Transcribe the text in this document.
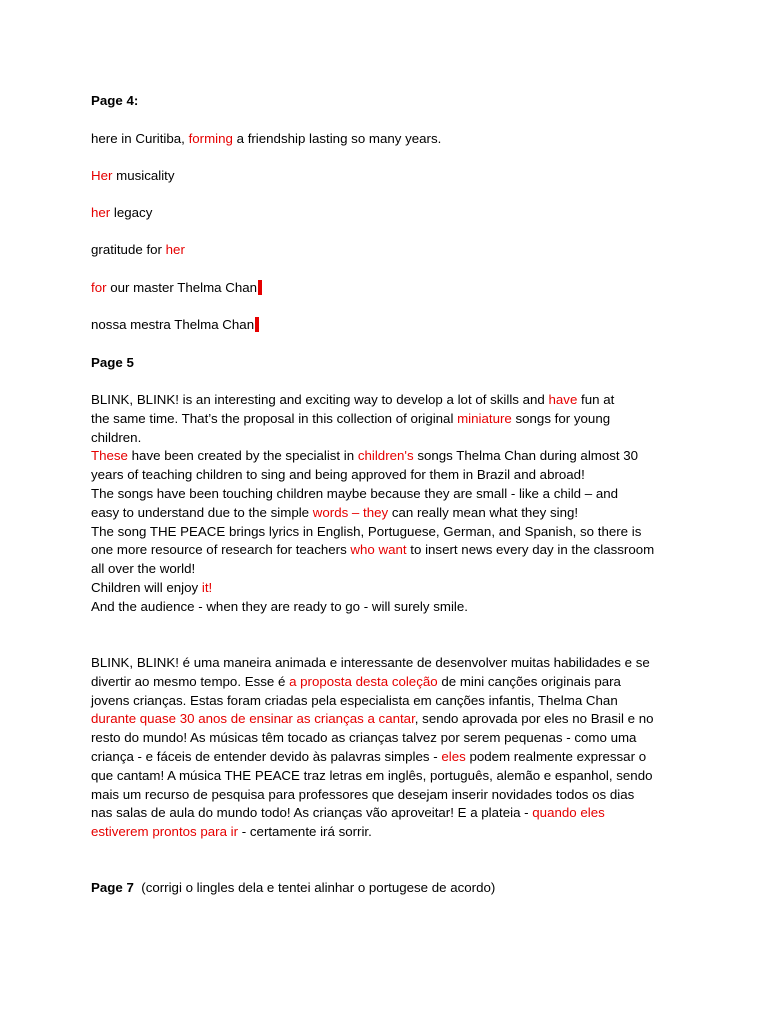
Page 4:
here in Curitiba, forming a friendship lasting so many years.
Her musicality
her legacy
gratitude for her
for our master Thelma Chan
nossa mestra Thelma Chan
Page 5
BLINK, BLINK! is an interesting and exciting way to develop a lot of skills and have fun at
the same time. That’s the proposal in this collection of original miniature songs for young
children.
These have been created by the specialist in children's songs Thelma Chan during almost 30
years of teaching children to sing and being approved for them in Brazil and abroad!
The songs have been touching children maybe because they are small - like a child – and
easy to understand due to the simple words – they can really mean what they sing!
The song THE PEACE brings lyrics in English, Portuguese, German, and Spanish, so there is
one more resource of research for teachers who want to insert news every day in the classroom
all over the world!
Children will enjoy it!
And the audience - when they are ready to go - will surely smile.
BLINK, BLINK! é uma maneira animada e interessante de desenvolver muitas habilidades e se
divertir ao mesmo tempo. Esse é a proposta desta coleção de mini canções originais para
jovens crianças. Estas foram criadas pela especialista em canções infantis, Thelma Chan
durante quase 30 anos de ensinar as crianças a cantar, sendo aprovada por eles no Brasil e no
resto do mundo! As músicas têm tocado as crianças talvez por serem pequenas - como uma
criança - e fáceis de entender devido às palavras simples - eles podem realmente expressar o
que cantam! A música THE PEACE traz letras em inglês, português, alemão e espanhol, sendo
mais um recurso de pesquisa para professores que desejam inserir novidades todos os dias
nas salas de aula do mundo todo! As crianças vão aproveitar! E a plateia - quando eles
estiverem prontos para ir - certamente irá sorrir.
Page 7 (corrigi o lingles dela e tentei alinhar o portugese de acordo)
